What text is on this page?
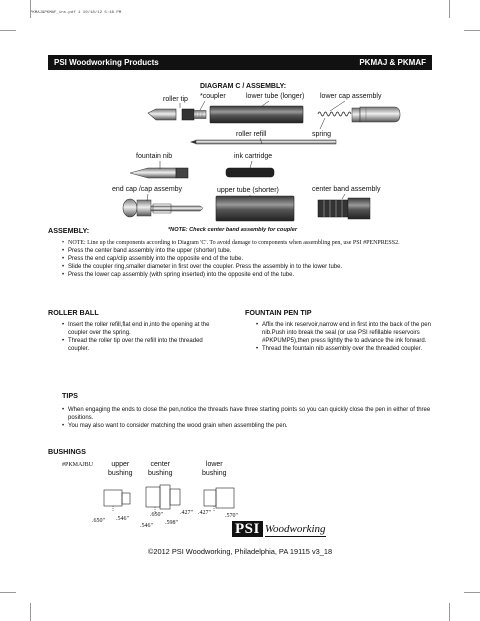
PKMAJ&PKMAF_ins.pdf 1 10/18/12 5:48 PM
PSI Woodworking Products	PKMAJ & PKMAF
DIAGRAM C / ASSEMBLY:
roller tip *coupler	lower tube (longer) lower cap assembly
roller refill	spring
fountain nib	ink cartridge
end cap /cap assemby	upper tube (shorter)	center band assembly
ASSEMBLY:	*NOTE: Check center band assembly for coupler
• NOTE: Line up the components according to Diagram 'C'. To avoid damage to components when assembling pen, use PSI #PENPRESS2.
• Press the center band assembly into the upper (shorter) tube.
• Press the end cap/clip assembly into the opposite end of the tube.
• Slide the coupler ring,smaller diameter in first over the coupler. Press the assembly in to the lower tube.
• Press the lower cap assembly (with spring inserted) into the opposite end of the tube.
ROLLER BALL
• Insert the roller refill,flat end in,into the opening at the coupler over the spring.
• Thread the roller tip over the refill into the threaded coupler.
FOUNTAIN PEN TIP
• Affix the ink reservoir,narrow end in first into the back of the pen nib.Push into break the seal (or use PSI refillable reservoirs #PKPUMP5),then press lightly the to advance the ink forward.
• Thread the fountain nib assembly over the threaded coupler.
TIPS
• When engaging the ends to close the pen,notice the threads have three starting points so you can quickly close the pen in either of three positions.
• You may also want to consider matching the wood grain when assembling the pen.
BUSHINGS
#PKMAJBU	upper
bushing
center
bushing
lower
bushing
.650" .546"
.650"	.427"
.546" .598"
.427" .570"
PSI Woodworking
©2012 PSI Woodworking, Philadelphia, PA 19115 v3_18
